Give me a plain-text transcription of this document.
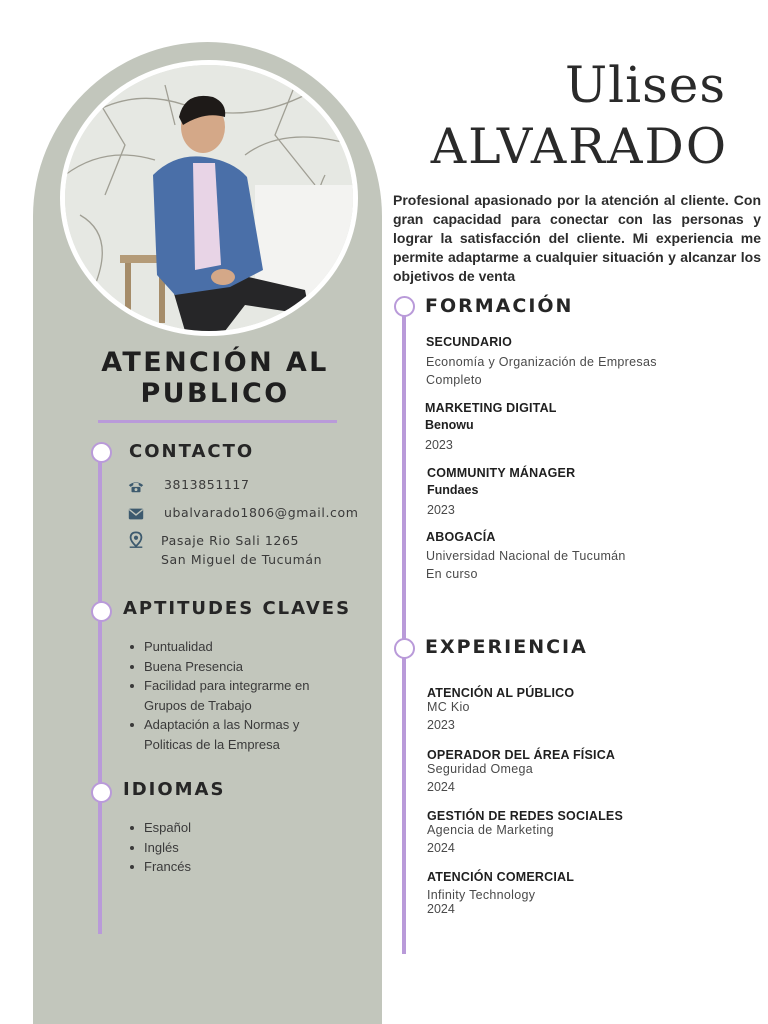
ATENCIÓN AL
PUBLICO
CONTACTO
3813851117
ubalvarado1806@gmail.com
Pasaje Rio Sali 1265
San Miguel de Tucumán
APTITUDES CLAVES
Puntualidad
Buena Presencia
Facilidad para integrarme en
Grupos de Trabajo
Adaptación a las Normas y
Politicas de la Empresa
IDIOMAS
Español
Inglés
Francés
Ulises
ALVARADO
Profesional apasionado por la atención al cliente. Con gran capacidad para conectar con las personas y lograr la satisfacción del cliente. Mi experiencia me permite adaptarme a cualquier situación y alcanzar los objetivos de venta
FORMACIÓN
SECUNDARIO
Economía y Organización de Empresas
Completo
MARKETING DIGITAL
Benowu
2023
COMMUNITY MÁNAGER
Fundaes
2023
ABOGACÍA
Universidad Nacional de Tucumán
En curso
EXPERIENCIA
ATENCIÓN AL PÚBLICO
MC Kio
2023
OPERADOR DEL ÁREA FÍSICA
Seguridad Omega
2024
GESTIÓN DE REDES SOCIALES
Agencia de Marketing
2024
ATENCIÓN COMERCIAL
Infinity Technology
2024
